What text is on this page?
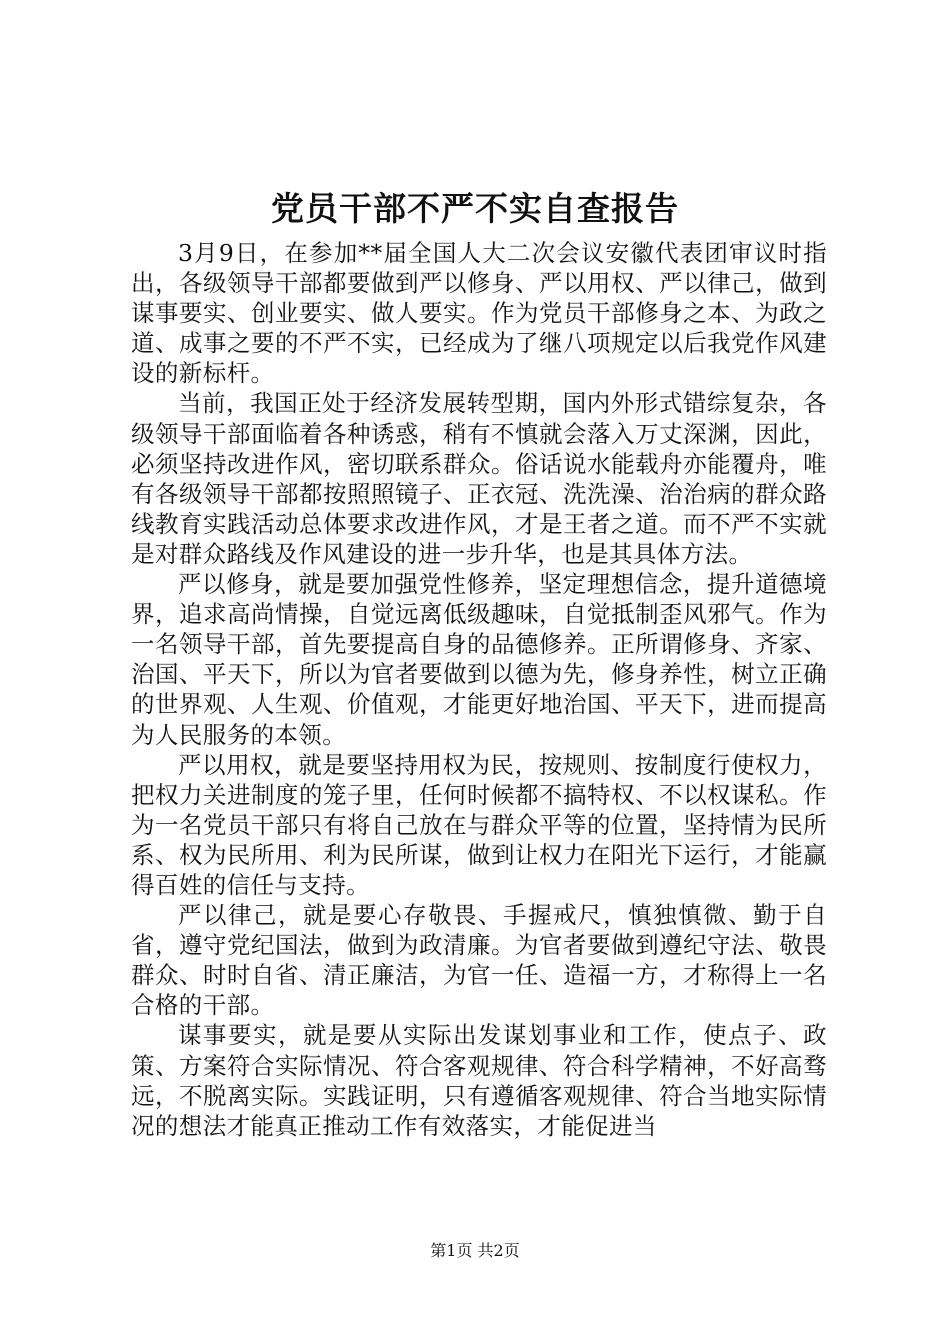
党员干部不严不实自查报告

3月9日，在参加**届全国人大二次会议安徽代表团审议时指出，各级领导干部都要做到严以修身、严以用权、严以律己，做到谋事要实、创业要实、做人要实。作为党员干部修身之本、为政之道、成事之要的不严不实，已经成为了继八项规定以后我党作风建设的新标杆。

当前，我国正处于经济发展转型期，国内外形式错综复杂，各级领导干部面临着各种诱惑，稍有不慎就会落入万丈深渊，因此，必须坚持改进作风，密切联系群众。俗话说水能载舟亦能覆舟，唯有各级领导干部都按照照镜子、正衣冠、洗洗澡、治治病的群众路线教育实践活动总体要求改进作风，才是王者之道。而不严不实就是对群众路线及作风建设的进一步升华，也是其具体方法。

严以修身，就是要加强党性修养，坚定理想信念，提升道德境界，追求高尚情操，自觉远离低级趣味，自觉抵制歪风邪气。作为一名领导干部，首先要提高自身的品德修养。正所谓修身、齐家、治国、平天下，所以为官者要做到以德为先，修身养性，树立正确的世界观、人生观、价值观，才能更好地治国、平天下，进而提高为人民服务的本领。

严以用权，就是要坚持用权为民，按规则、按制度行使权力，把权力关进制度的笼子里，任何时候都不搞特权、不以权谋私。作为一名党员干部只有将自己放在与群众平等的位置，坚持情为民所系、权为民所用、利为民所谋，做到让权力在阳光下运行，才能赢得百姓的信任与支持。

严以律己，就是要心存敬畏、手握戒尺，慎独慎微、勤于自省，遵守党纪国法，做到为政清廉。为官者要做到遵纪守法、敬畏群众、时时自省、清正廉洁，为官一任、造福一方，才称得上一名合格的干部。

谋事要实，就是要从实际出发谋划事业和工作，使点子、政策、方案符合实际情况、符合客观规律、符合科学精神，不好高骛远，不脱离实际。实践证明，只有遵循客观规律、符合当地实际情况的想法才能真正推动工作有效落实，才能促进当

第1页 共2页
